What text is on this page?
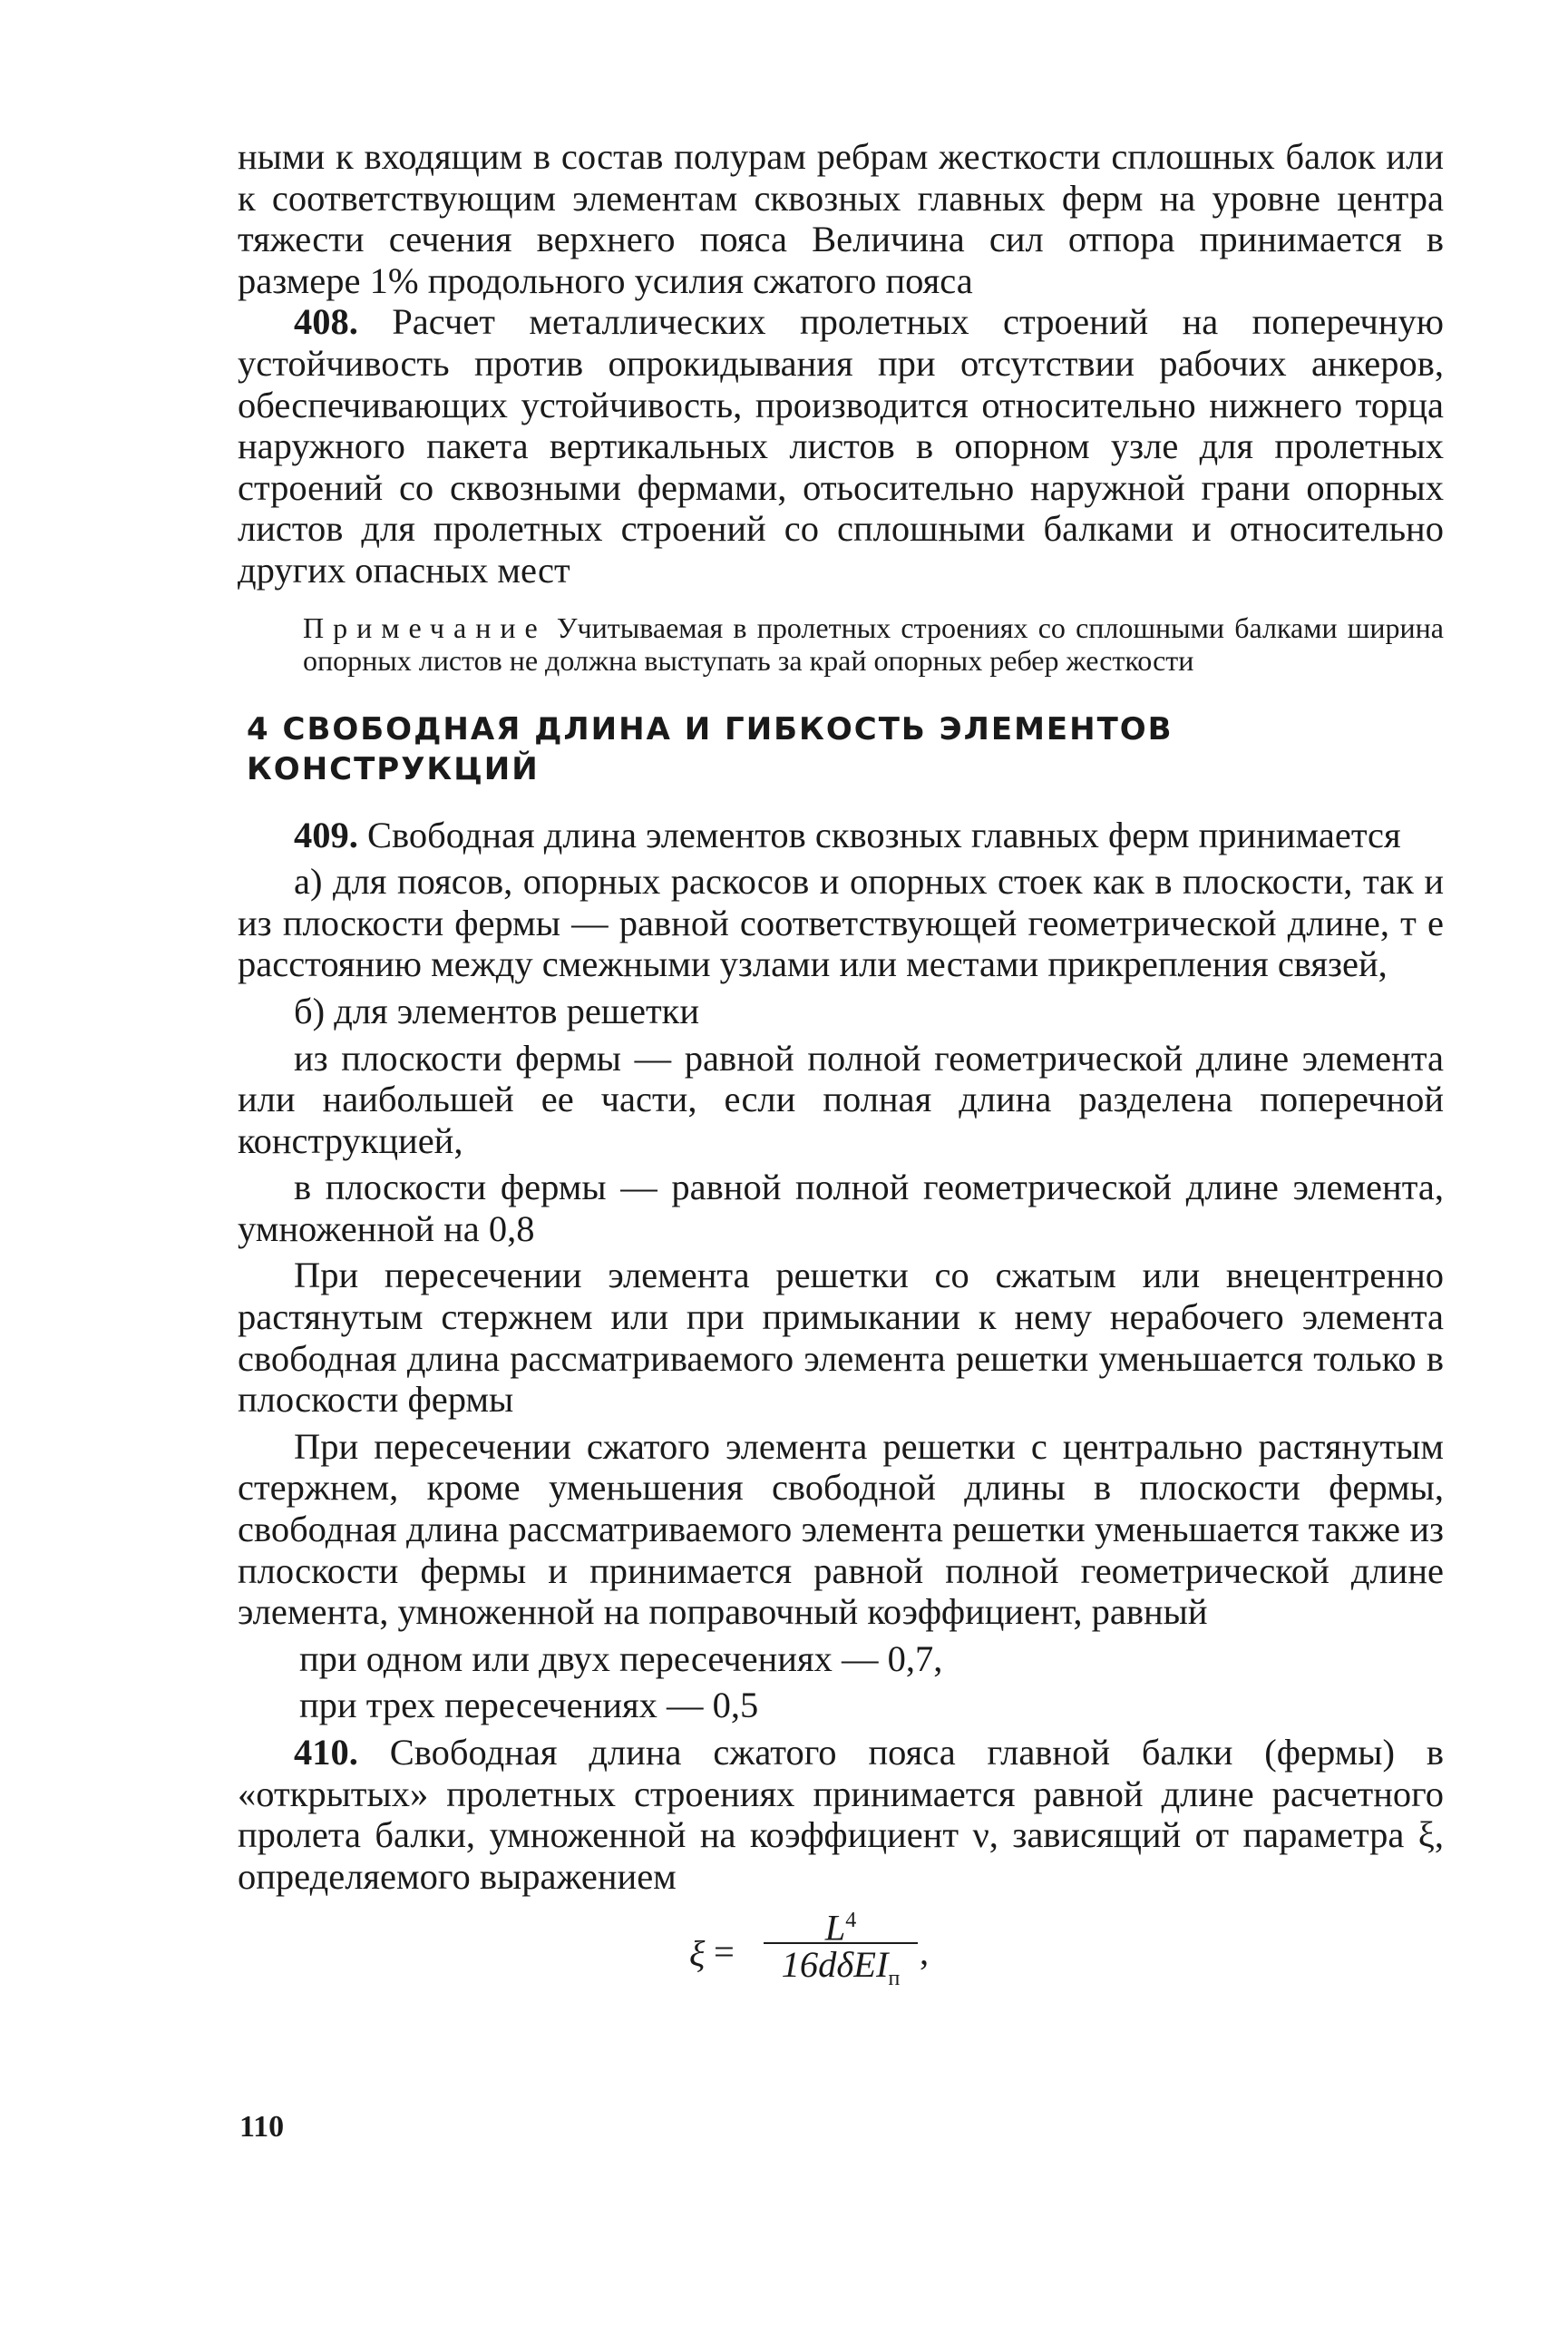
ными к входящим в состав полурам ребрам жесткости сплошных балок или к соответствующим элементам сквозных главных ферм на уровне центра тяжести сечения верхнего пояса Величина сил отпора принимается в размере 1% продольного усилия сжатого пояса

408. Расчет металлических пролетных строений на поперечную устойчивость против опрокидывания при отсутствии рабочих анкеров, обеспечивающих устойчивость, производится относительно нижнего торца наружного пакета вертикальных листов в опорном узле для пролетных строений со сквозными фермами, отьосительно наружной грани опорных листов для пролетных строений со сплошными балками и относительно других опасных мест

Примечание Учитываемая в пролетных строениях со сплошными балками ширина опорных листов не должна выступать за край опорных ребер жесткости

4 СВОБОДНАЯ ДЛИНА И ГИБКОСТЬ ЭЛЕМЕНТОВ КОНСТРУКЦИЙ

409. Свободная длина элементов сквозных главных ферм принимается

а) для поясов, опорных раскосов и опорных стоек как в плоскости, так и из плоскости фермы — равной соответствующей геометрической длине, т е расстоянию между смежными узлами или местами прикрепления связей,

б) для элементов решетки

из плоскости фермы — равной полной геометрической длине элемента или наибольшей ее части, если полная длина разделена поперечной конструкцией,

в плоскости фермы — равной полной геометрической длине элемента, умноженной на 0,8

При пересечении элемента решетки со сжатым или внецентренно растянутым стержнем или при примыкании к нему нерабочего элемента свободная длина рассматриваемого элемента решетки уменьшается только в плоскости фермы

При пересечении сжатого элемента решетки с центрально растянутым стержнем, кроме уменьшения свободной длины в плоскости фермы, свободная длина рассматриваемого элемента решетки уменьшается также из плоскости фермы и принимается равной полной геометрической длине элемента, умноженной на поправочный коэффициент, равный

при одном или двух пересечениях — 0,7,

при трех пересечениях — 0,5

410. Свободная длина сжатого пояса главной балки (фермы) в «открытых» пролетных строениях принимается равной длине расчетного пролета балки, умноженной на коэффициент ν, зависящий от параметра ξ, определяемого выражением

ξ =
$L^4$
16dδEI$_п$
,
110
